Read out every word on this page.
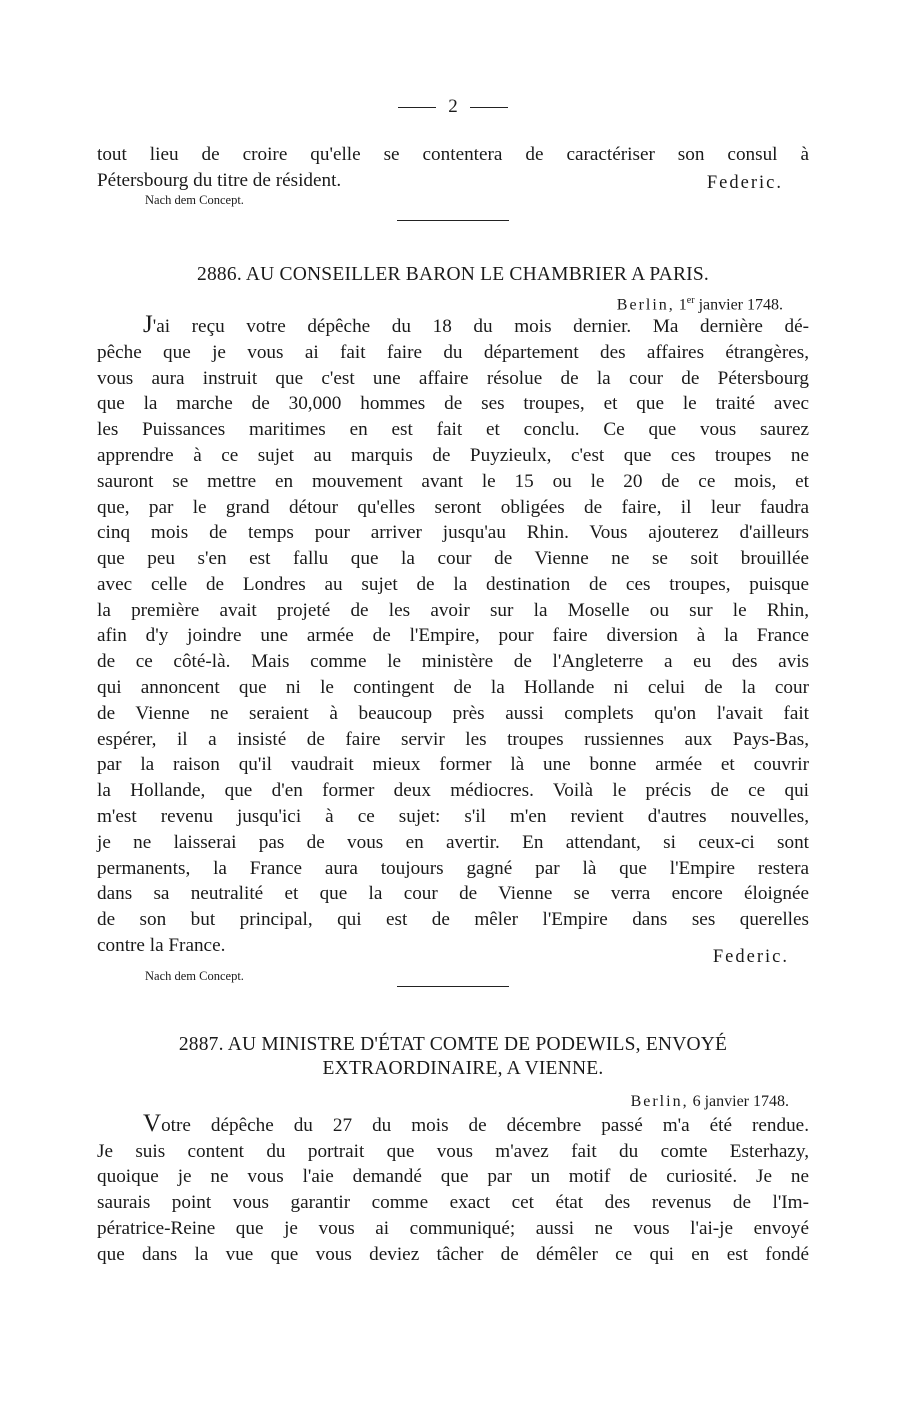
2
tout lieu de croire qu'elle se contentera de caractériser son consul à
Pétersbourg du titre de résident.	Federic.
Nach dem Concept.
2886. AU CONSEILLER BARON LE CHAMBRIER A PARIS.
Berlin, 1er janvier 1748.
J'ai reçu votre dépêche du 18 du mois dernier. Ma dernière dé-
pêche que je vous ai fait faire du département des affaires étrangères,
vous aura instruit que c'est une affaire résolue de la cour de Pétersbourg
que la marche de 30,000 hommes de ses troupes, et que le traité avec
les Puissances maritimes en est fait et conclu. Ce que vous saurez
apprendre à ce sujet au marquis de Puyzieulx, c'est que ces troupes ne
sauront se mettre en mouvement avant le 15 ou le 20 de ce mois, et
que, par le grand détour qu'elles seront obligées de faire, il leur faudra
cinq mois de temps pour arriver jusqu'au Rhin. Vous ajouterez d'ailleurs
que peu s'en est fallu que la cour de Vienne ne se soit brouillée
avec celle de Londres au sujet de la destination de ces troupes, puisque
la première avait projeté de les avoir sur la Moselle ou sur le Rhin,
afin d'y joindre une armée de l'Empire, pour faire diversion à la France
de ce côté-là. Mais comme le ministère de l'Angleterre a eu des avis
qui annoncent que ni le contingent de la Hollande ni celui de la cour
de Vienne ne seraient à beaucoup près aussi complets qu'on l'avait fait
espérer, il a insisté de faire servir les troupes russiennes aux Pays-Bas,
par la raison qu'il vaudrait mieux former là une bonne armée et couvrir
la Hollande, que d'en former deux médiocres. Voilà le précis de ce qui
m'est revenu jusqu'ici à ce sujet: s'il m'en revient d'autres nouvelles,
je ne laisserai pas de vous en avertir. En attendant, si ceux-ci sont
permanents, la France aura toujours gagné par là que l'Empire restera
dans sa neutralité et que la cour de Vienne se verra encore éloignée
de son but principal, qui est de mêler l'Empire dans ses querelles
contre la France.
Federic.
Nach dem Concept.
2887. AU MINISTRE D'ÉTAT COMTE DE PODEWILS, ENVOYÉ
EXTRAORDINAIRE, A VIENNE.
Berlin, 6 janvier 1748.
Votre dépêche du 27 du mois de décembre passé m'a été rendue.
Je suis content du portrait que vous m'avez fait du comte Esterhazy,
quoique je ne vous l'aie demandé que par un motif de curiosité. Je ne
saurais point vous garantir comme exact cet état des revenus de l'Im-
pératrice-Reine que je vous ai communiqué; aussi ne vous l'ai-je envoyé
que dans la vue que vous deviez tâcher de démêler ce qui en est fondé
